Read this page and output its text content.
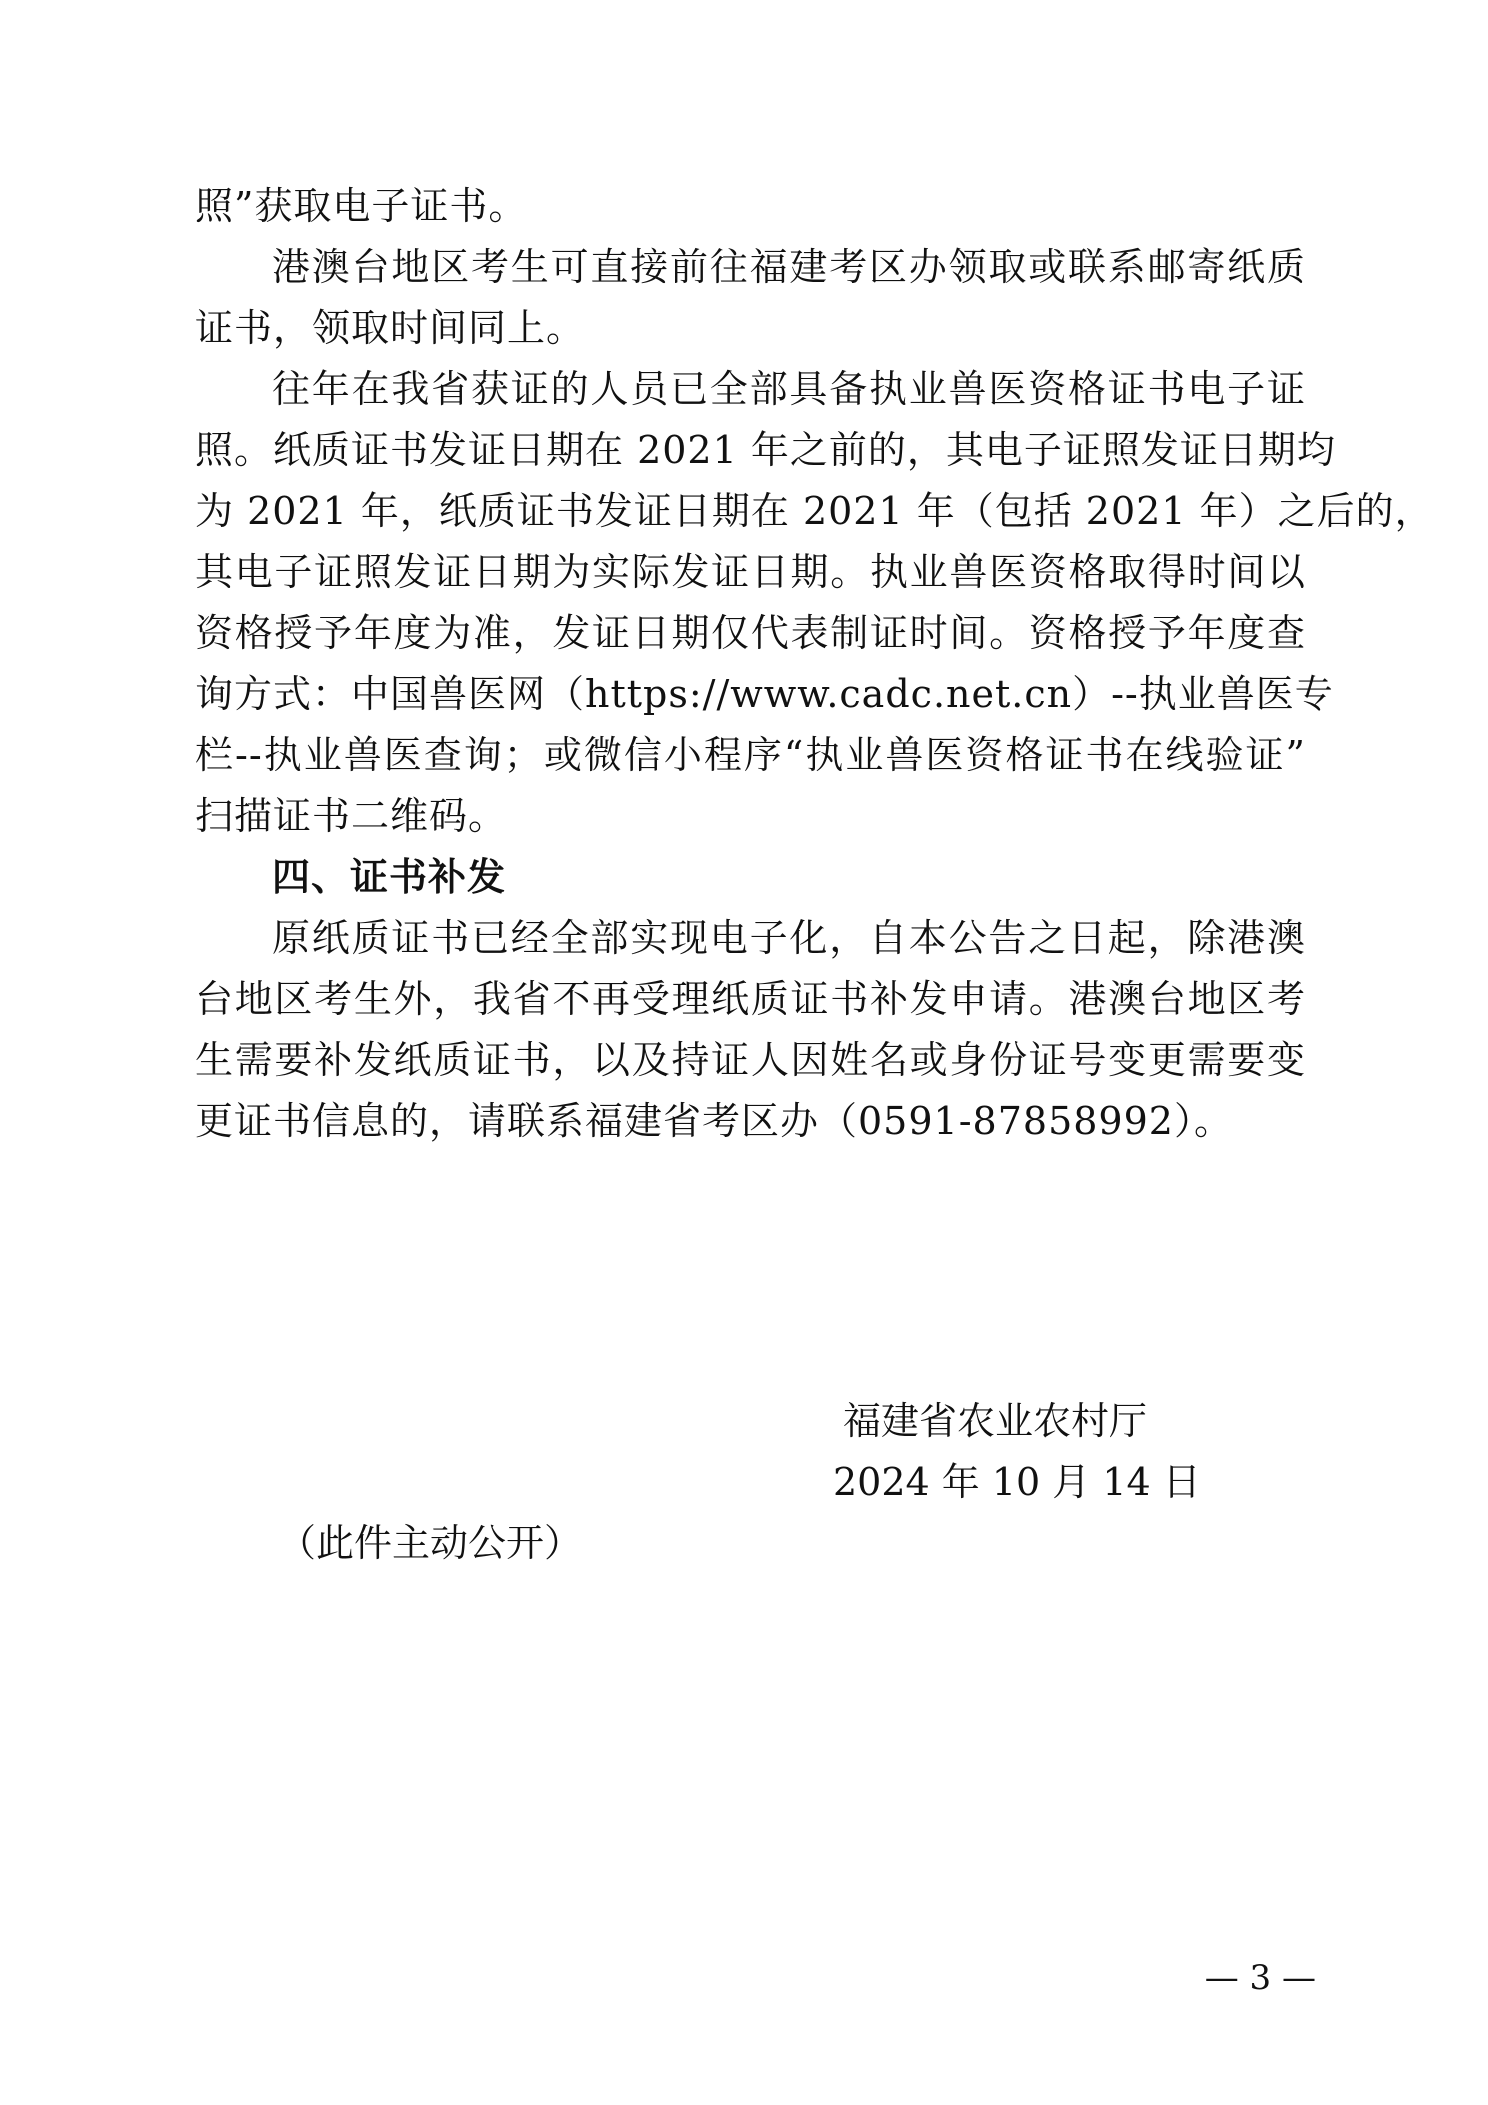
照”获取电子证书。
港澳台地区考生可直接前往福建考区办领取或联系邮寄纸质
证书，领取时间同上。
往年在我省获证的人员已全部具备执业兽医资格证书电子证
照。纸质证书发证日期在 2021 年之前的，其电子证照发证日期均
为 2021 年，纸质证书发证日期在 2021 年（包括 2021 年）之后的，
其电子证照发证日期为实际发证日期。执业兽医资格取得时间以
资格授予年度为准，发证日期仅代表制证时间。资格授予年度查
询方式：中国兽医网（https://www.cadc.net.cn）--执业兽医专
栏--执业兽医查询；或微信小程序“执业兽医资格证书在线验证”
扫描证书二维码。
四、证书补发
原纸质证书已经全部实现电子化，自本公告之日起，除港澳
台地区考生外，我省不再受理纸质证书补发申请。港澳台地区考
生需要补发纸质证书，以及持证人因姓名或身份证号变更需要变
更证书信息的，请联系福建省考区办（0591-87858992）。
福建省农业农村厅
2024 年 10 月 14 日
（此件主动公开）
— 3 —
